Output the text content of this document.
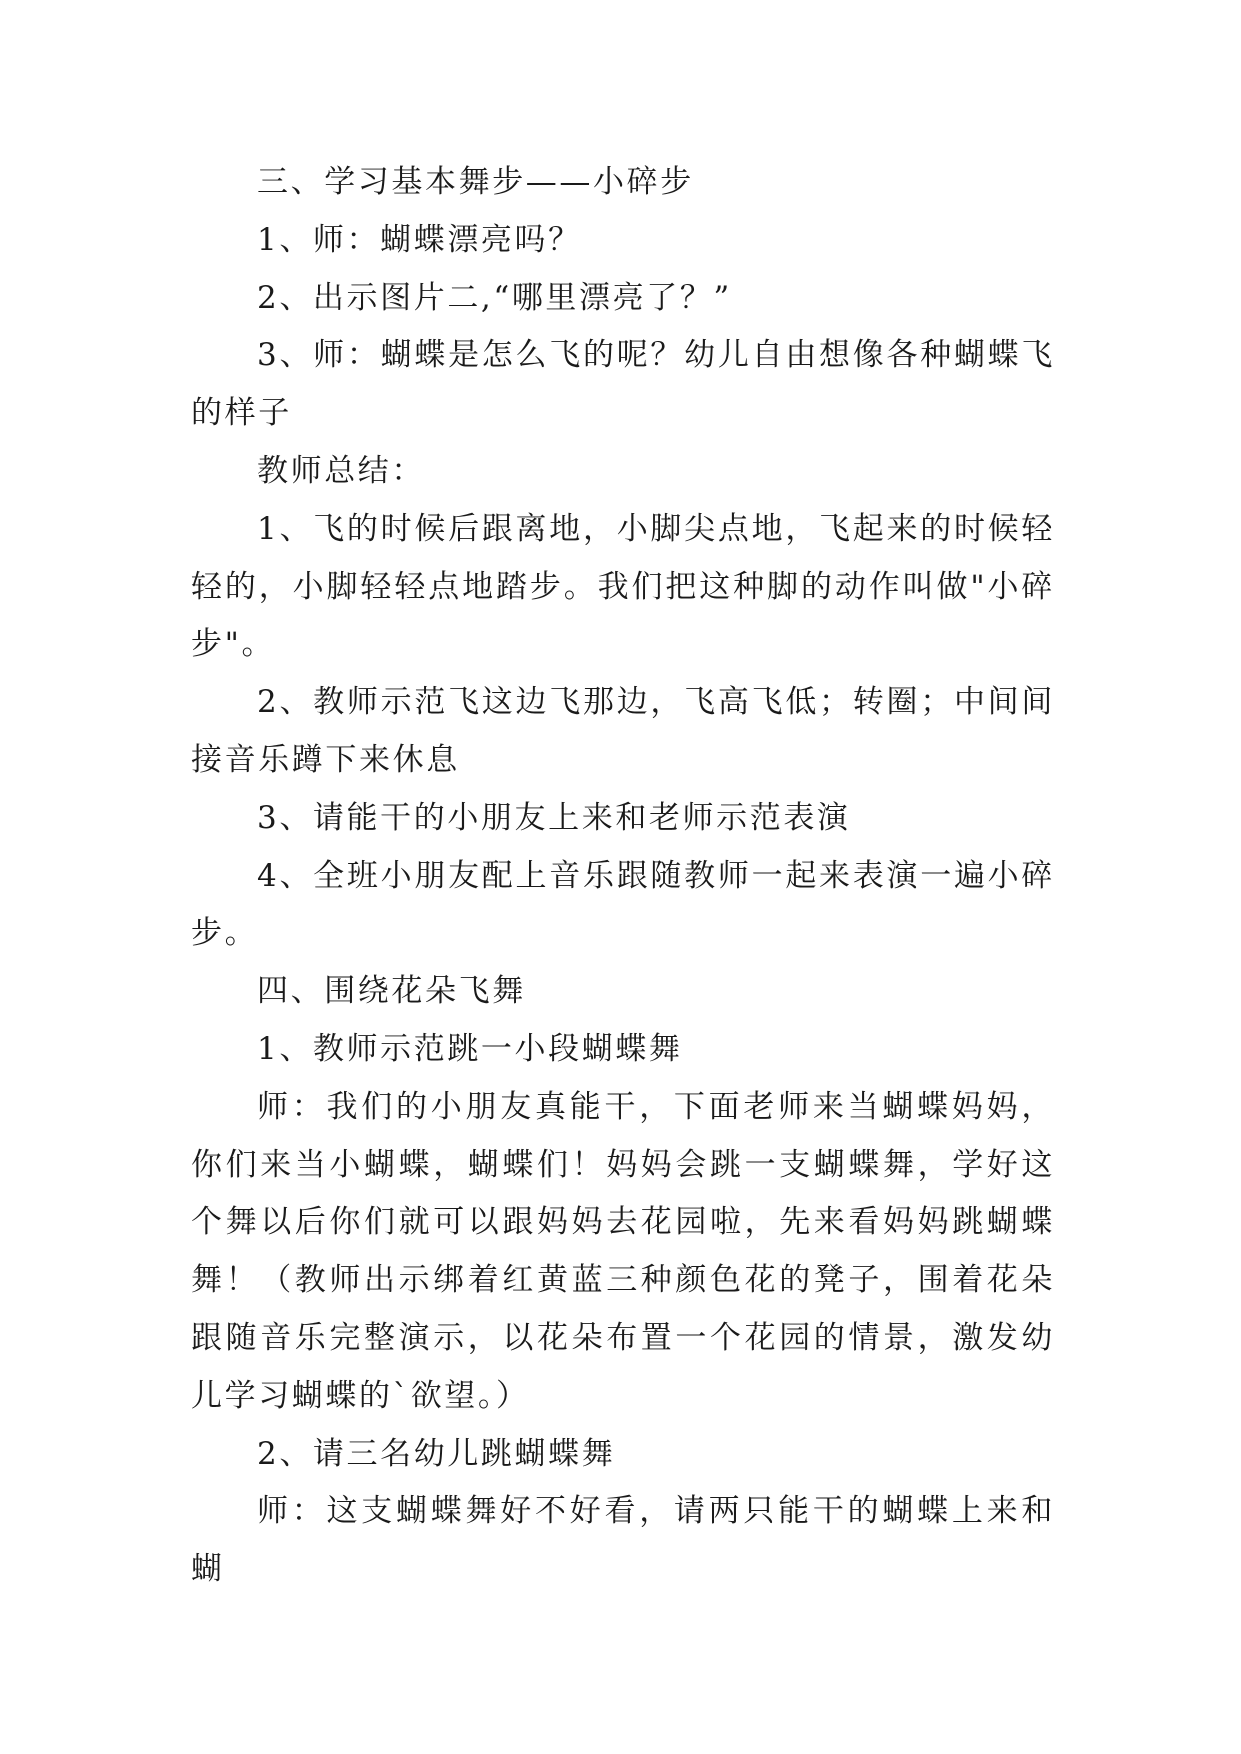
三、学习基本舞步——小碎步

1、师：蝴蝶漂亮吗？

2、出示图片二,“哪里漂亮了？”

3、师：蝴蝶是怎么飞的呢？幼儿自由想像各种蝴蝶飞的样子

教师总结：

1、飞的时候后跟离地，小脚尖点地，飞起来的时候轻轻的，小脚轻轻点地踏步。我们把这种脚的动作叫做"小碎步"。

2、教师示范飞这边飞那边，飞高飞低；转圈；中间间接音乐蹲下来休息

3、请能干的小朋友上来和老师示范表演

4、全班小朋友配上音乐跟随教师一起来表演一遍小碎步。

四、围绕花朵飞舞

1、教师示范跳一小段蝴蝶舞

师：我们的小朋友真能干，下面老师来当蝴蝶妈妈，你们来当小蝴蝶，蝴蝶们！妈妈会跳一支蝴蝶舞，学好这个舞以后你们就可以跟妈妈去花园啦，先来看妈妈跳蝴蝶舞！（教师出示绑着红黄蓝三种颜色花的凳子，围着花朵跟随音乐完整演示，以花朵布置一个花园的情景，激发幼儿学习蝴蝶的`欲望。）

2、请三名幼儿跳蝴蝶舞

师：这支蝴蝶舞好不好看，请两只能干的蝴蝶上来和蝴
